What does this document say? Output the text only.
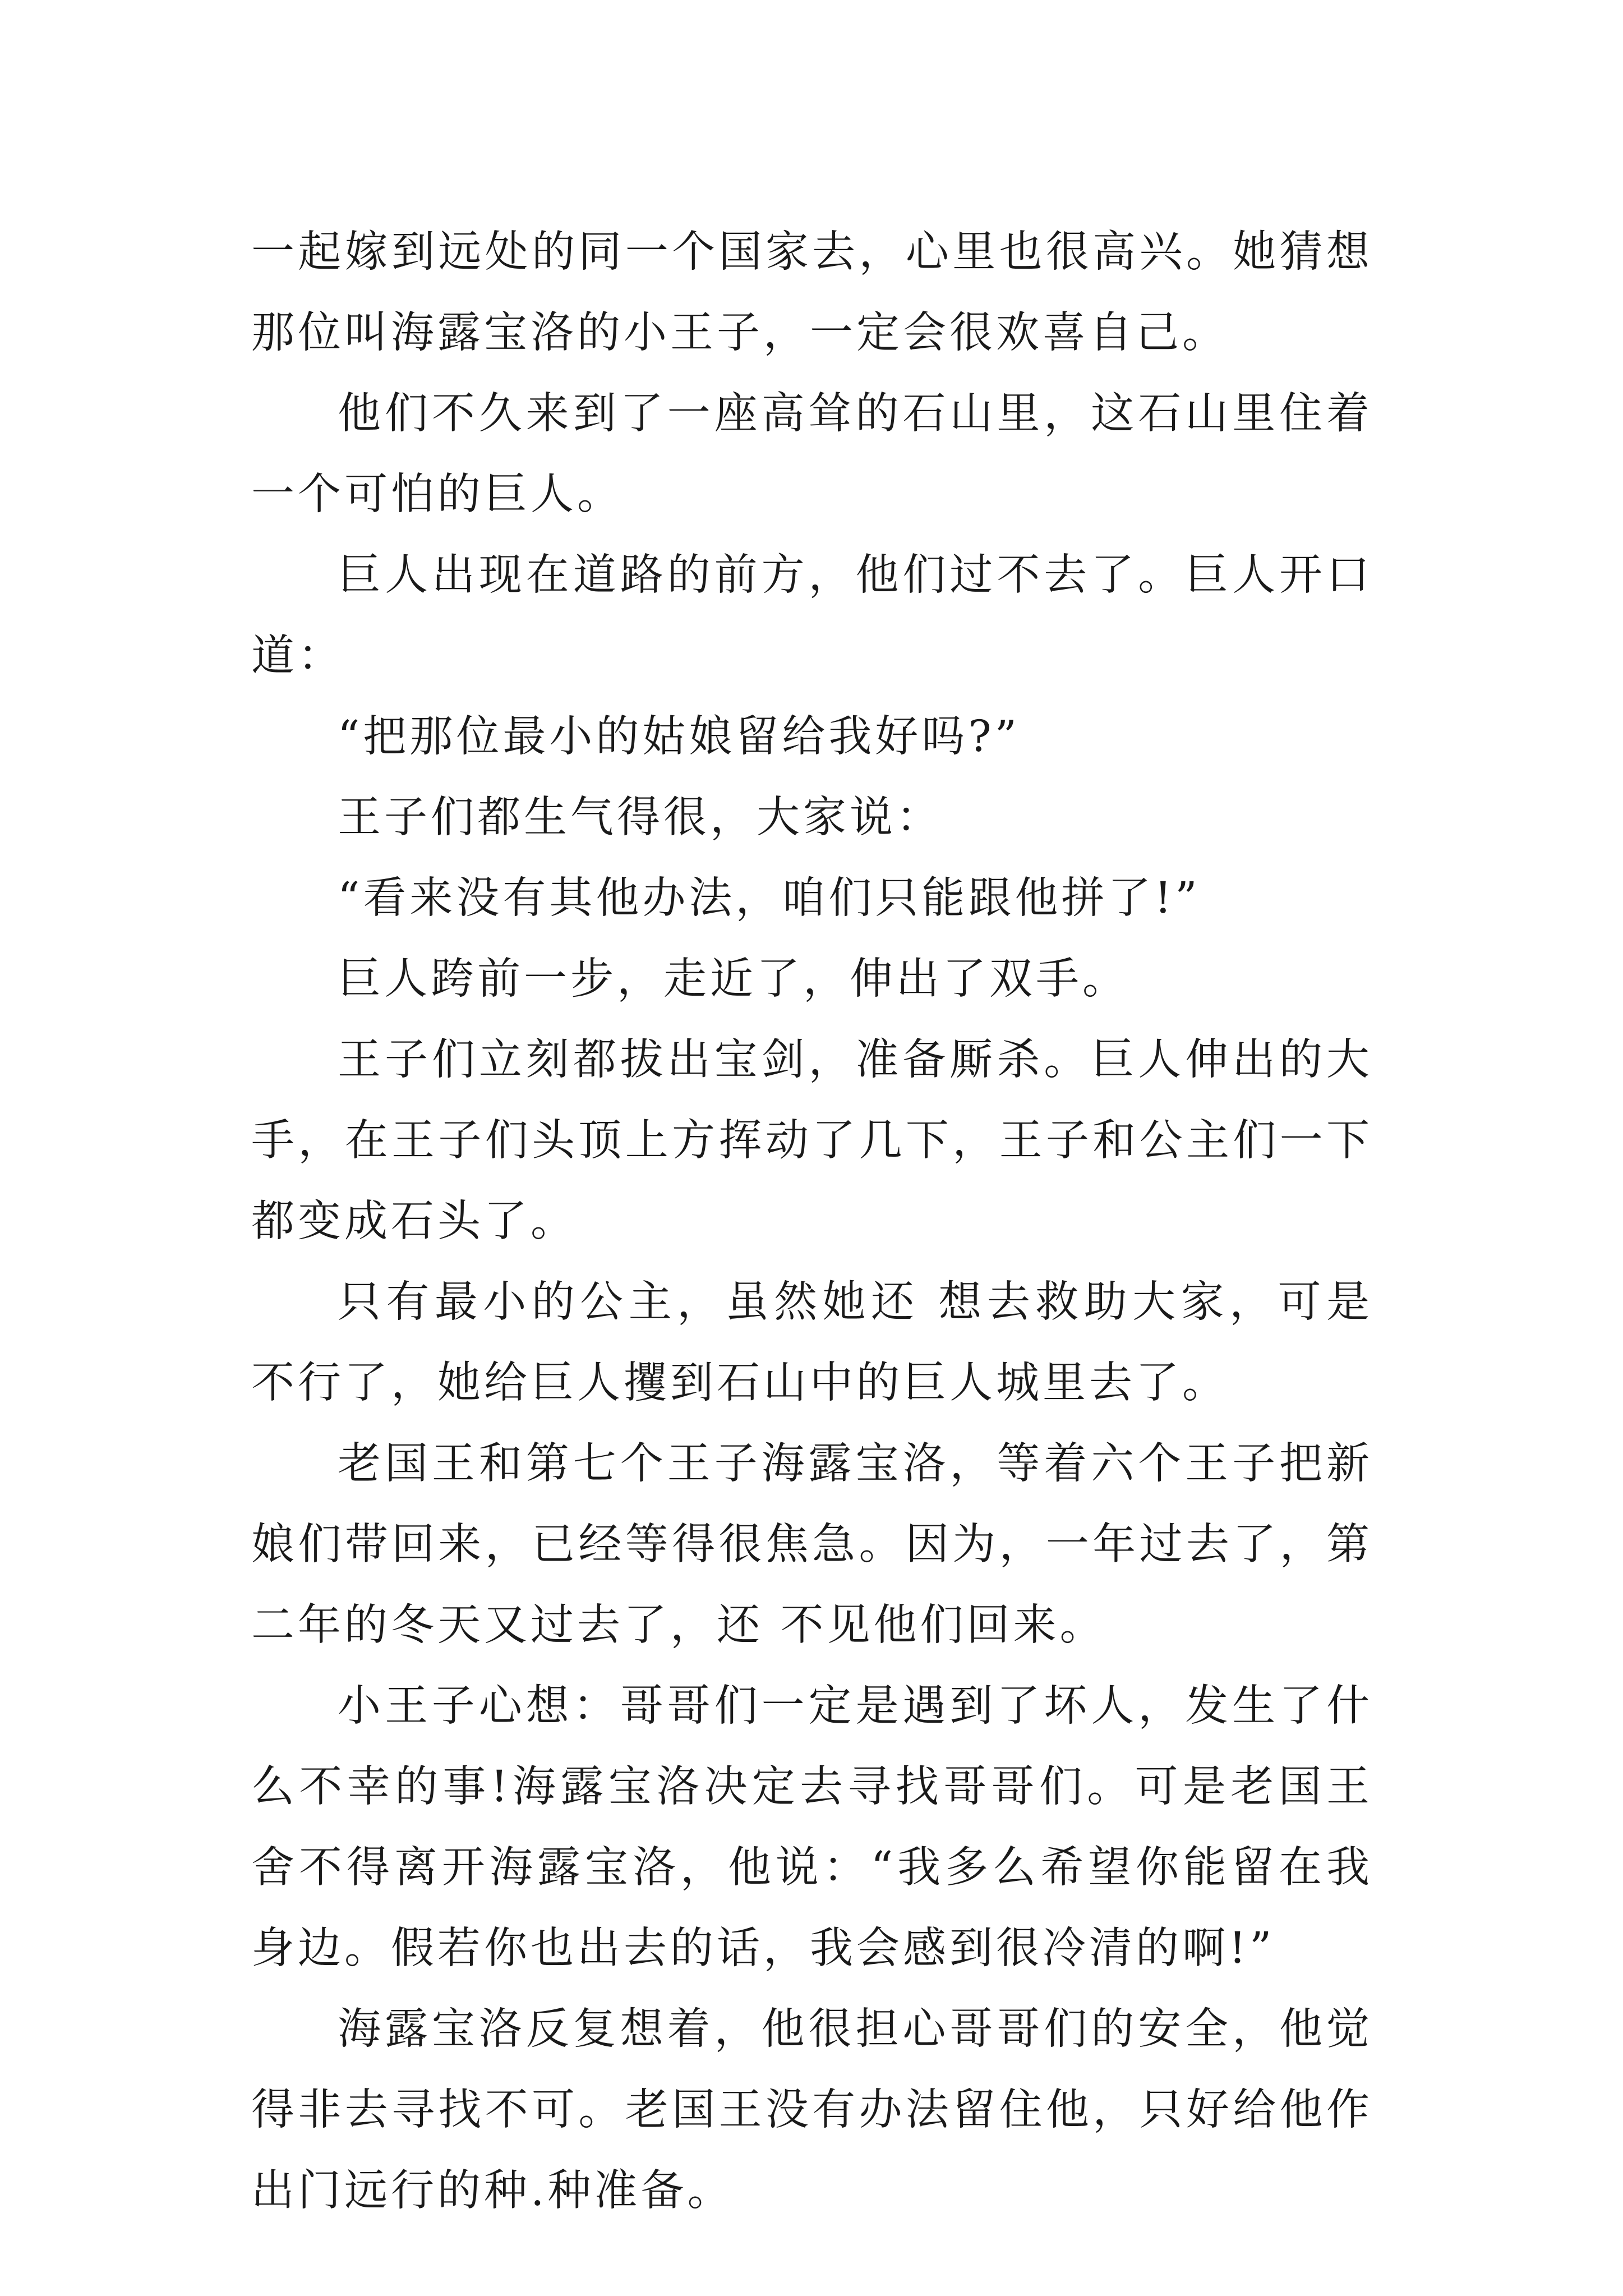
一起嫁到远处的同一个国家去，心里也很高兴。她猜想那位叫海露宝洛的小王子，一定会很欢喜自己。

他们不久来到了一座高耸的石山里，这石山里住着一个可怕的巨人。

巨人出现在道路的前方，他们过不去了。巨人开口道：

“把那位最小的姑娘留给我好吗?”

王子们都生气得很，大家说：

“看来没有其他办法，咱们只能跟他拼了!”

巨人跨前一步，走近了，伸出了双手。

王子们立刻都拔出宝剑，准备厮杀。巨人伸出的大手，在王子们头顶上方挥动了几下，王子和公主们一下都变成石头了。

只有最小的公主，虽然她还 想去救助大家，可是不行了，她给巨人攫到石山中的巨人城里去了。

老国王和第七个王子海露宝洛，等着六个王子把新娘们带回来，已经等得很焦急。因为，一年过去了，第二年的冬天又过去了，还 不见他们回来。

小王子心想：哥哥们一定是遇到了坏人，发生了什么不幸的事!海露宝洛决定去寻找哥哥们。可是老国王舍不得离开海露宝洛，他说：“我多么希望你能留在我身边。假若你也出去的话，我会感到很冷清的啊!”

海露宝洛反复想着，他很担心哥哥们的安全，他觉得非去寻找不可。老国王没有办法留住他，只好给他作出门远行的种.种准备。
